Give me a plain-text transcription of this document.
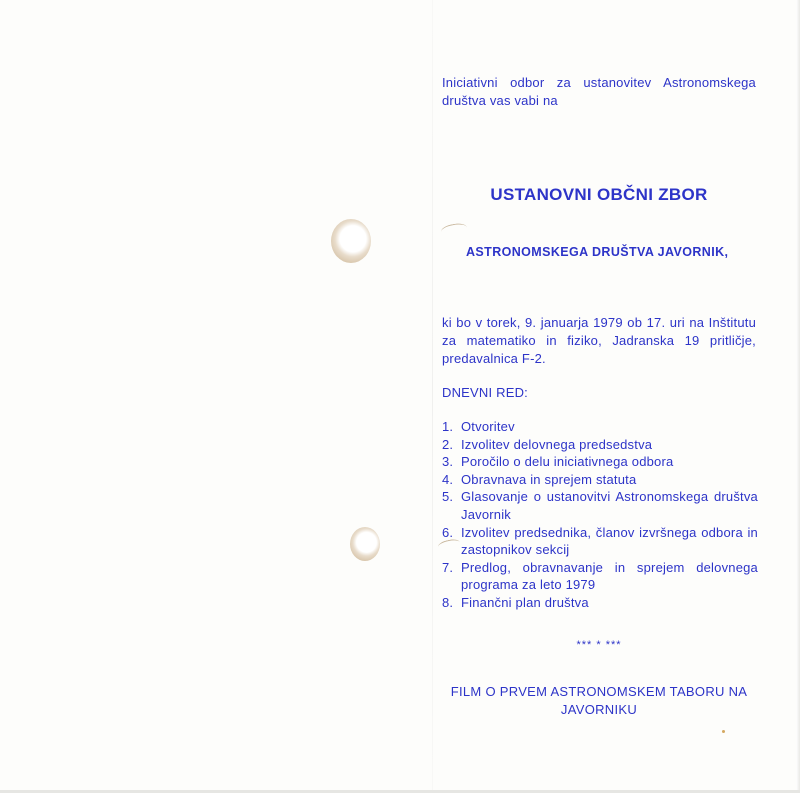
Iniciativni odbor za ustanovitev Astronomskega društva vas vabi na
USTANOVNI OBČNI ZBOR
ASTRONOMSKEGA DRUŠTVA JAVORNIK,
ki bo v torek, 9. januarja 1979 ob 17. uri na Inštitutu za matematiko in fiziko, Jadranska 19 pritličje, predavalnica F-2.
DNEVNI RED:
1. Otvoritev
2. Izvolitev delovnega predsedstva
3. Poročilo o delu iniciativnega odbora
4. Obravnava in sprejem statuta
5. Glasovanje o ustanovitvi Astronomskega društva Javornik
6. Izvolitev predsednika, članov izvršnega odbora in zastopnikov sekcij
7. Predlog, obravnavanje in sprejem delovnega programa za leto 1979
8. Finančni plan društva
*** * ***
FILM O PRVEM ASTRONOMSKEM TABORU NA JAVORNIKU
